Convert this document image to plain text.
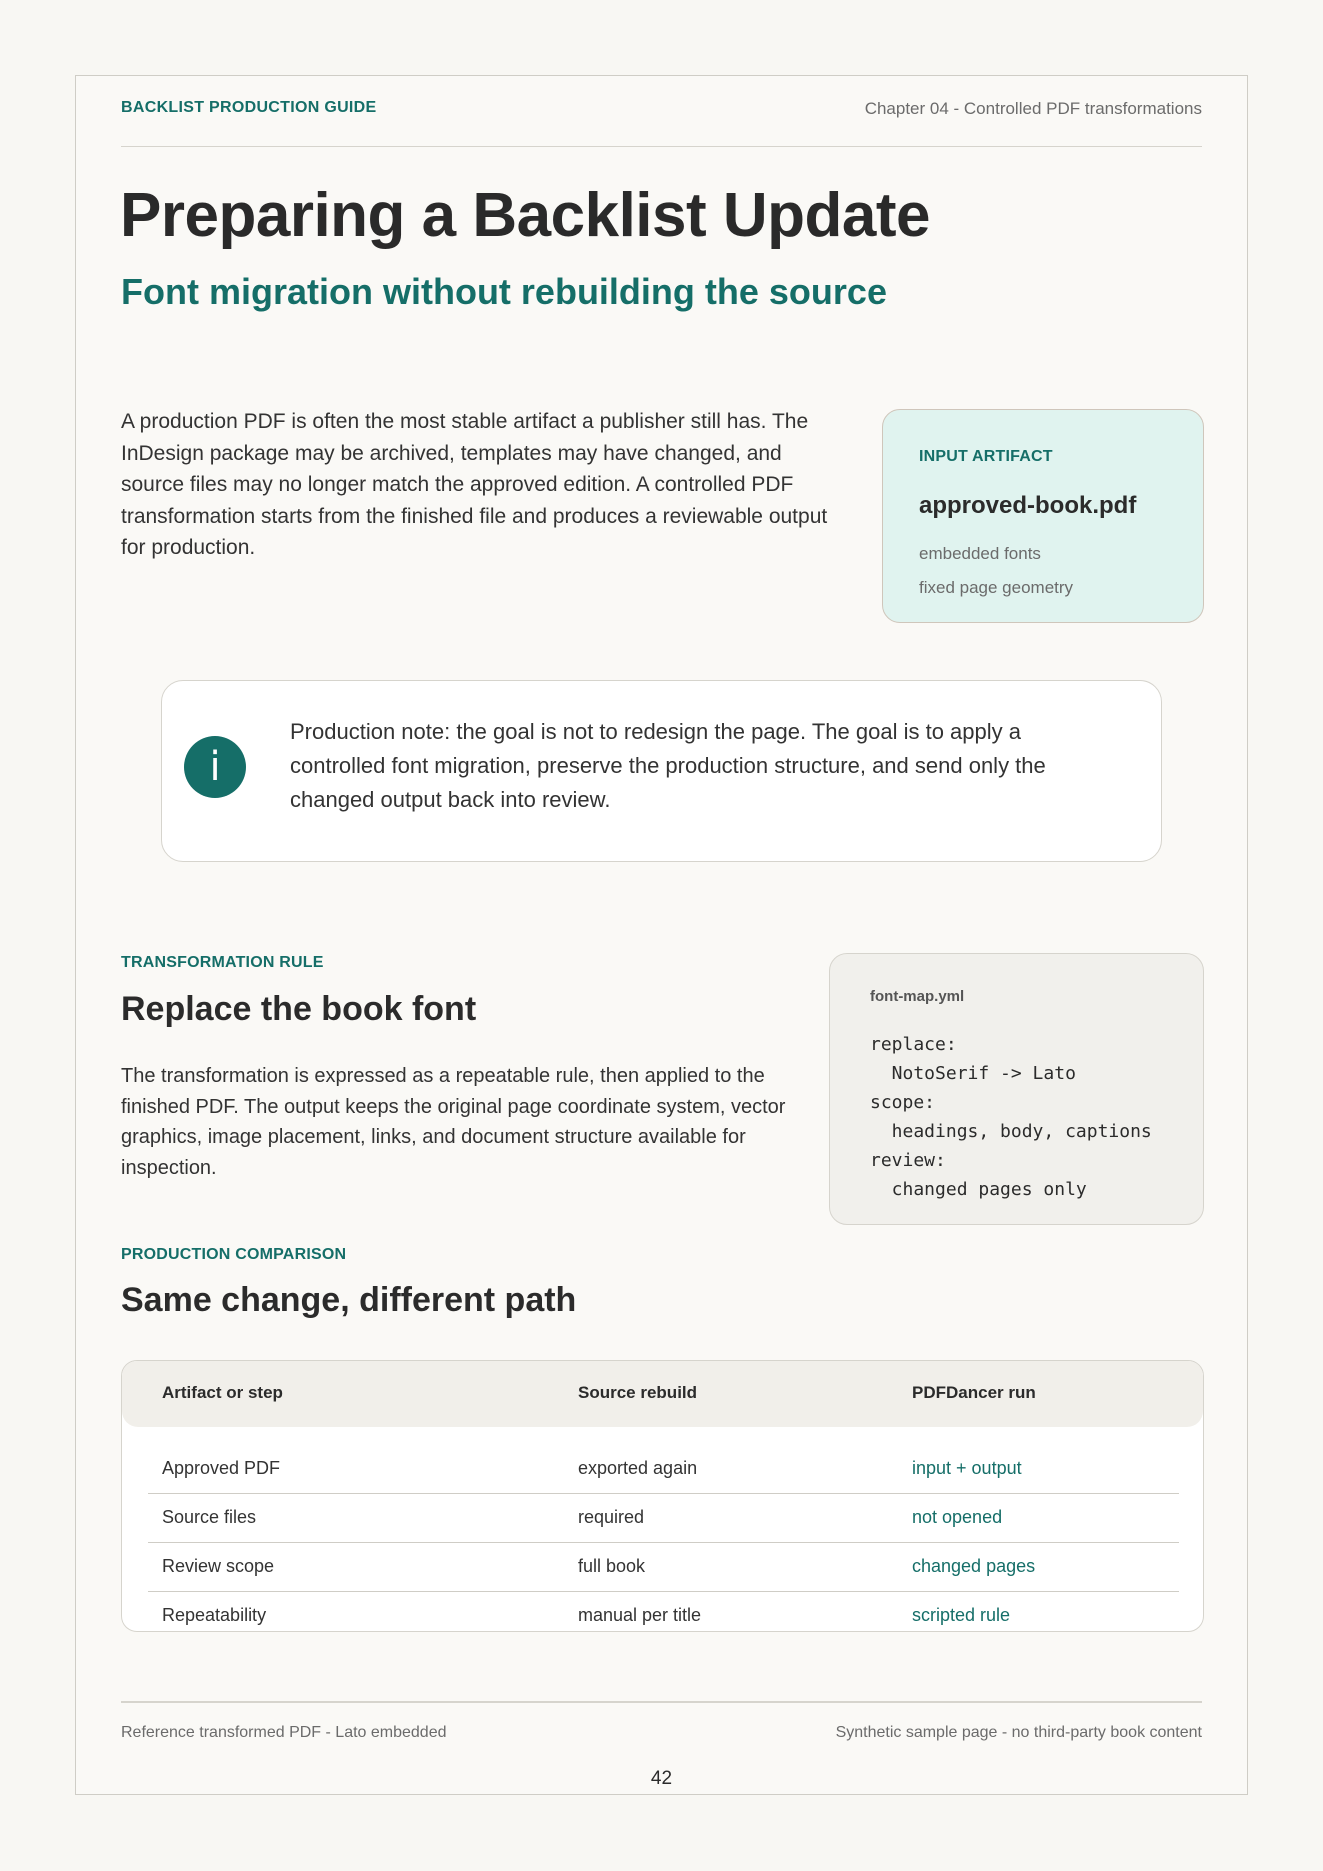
BACKLIST PRODUCTION GUIDE	Chapter 04 - Controlled PDF transformations
Preparing a Backlist Update
Font migration without rebuilding the source
A production PDF is often the most stable artifact a publisher still has. The InDesign package may be archived, templates may have changed, and source files may no longer match the approved edition. A controlled PDF transformation starts from the finished file and produces a reviewable output for production.
INPUT ARTIFACT
approved-book.pdf
embedded fonts
fixed page geometry
i
Production note: the goal is not to redesign the page. The goal is to apply a controlled font migration, preserve the production structure, and send only the changed output back into review.
TRANSFORMATION RULE
Replace the book font
The transformation is expressed as a repeatable rule, then applied to the finished PDF. The output keeps the original page coordinate system, vector graphics, image placement, links, and document structure available for inspection.
font-map.yml
replace:
NotoSerif -> Lato
scope:
headings, body, captions
review:
changed pages only
PRODUCTION COMPARISON
Same change, different path
Artifact or step	Source rebuild	PDFDancer run
Approved PDF	exported again	input + output
Source files	required	not opened
Review scope	full book	changed pages
Repeatability	manual per title	scripted rule
Reference transformed PDF - Lato embedded	Synthetic sample page - no third-party book content
42
